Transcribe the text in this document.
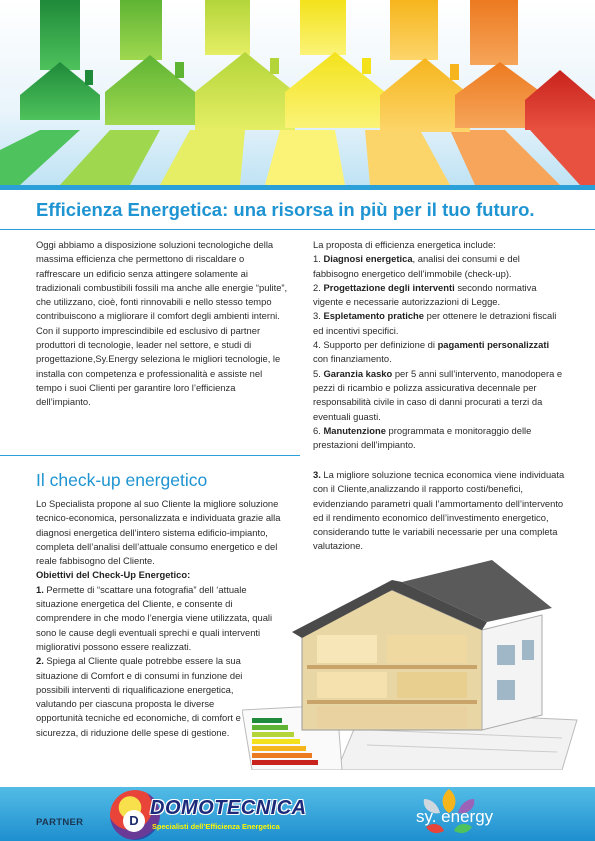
Efficienza Energetica: una risorsa in più per il tuo futuro.

Oggi abbiamo a disposizione soluzioni tecnologiche della massima efficienza che permettono di riscaldare o raffrescare un edificio senza attingere solamente ai tradizionali combustibili fossili ma anche alle energie “pulite”, che utilizzano, cioè, fonti rinnovabili e nello stesso tempo contribuiscono a migliorare il comfort degli ambienti interni.

Con il supporto imprescindibile ed esclusivo di partner produttori di tecnologie, leader nel settore, e studi di progettazione,Sy.Energy seleziona le migliori tecnologie, le installa con competenza e professionalità e assiste nel tempo i suoi Clienti per garantire loro l’efficienza dell’impianto.

La proposta di efficienza energetica include:

1. Diagnosi energetica, analisi dei consumi e del fabbisogno energetico dell’immobile (check-up).

2. Progettazione degli interventi secondo normativa vigente e necessarie autorizzazioni di Legge.

3. Espletamento pratiche per ottenere le detrazioni fiscali ed incentivi specifici.

4. Supporto per definizione di pagamenti personalizzati con finanziamento.

5. Garanzia kasko per 5 anni sull’intervento, manodopera e pezzi di ricambio e polizza assicurativa decennale per responsabilità civile in caso di danni procurati a terzi da eventuali guasti.

6. Manutenzione programmata e monitoraggio delle prestazioni dell’impianto.

Il check-up energetico

Lo Specialista propone al suo Cliente la migliore soluzione tecnico-economica, personalizzata e individuata grazie alla diagnosi energetica dell’intero sistema edificio-impianto, completa dell’analisi dell’attuale consumo energetico e del reale fabbisogno del Cliente.

Obiettivi del Check-Up Energetico:

1. Permette di “scattare una fotografia” dell ‘attuale situazione energetica del Cliente, e consente di comprendere in che modo l’energia viene utilizzata, quali sono le cause degli eventuali sprechi e quali interventi migliorativi possono essere realizzati.

2. Spiega al Cliente quale potrebbe essere la sua situazione di Comfort e di consumi in funzione dei possibili interventi di riqualificazione energetica, valutando per ciascuna proposta le diverse opportunità tecniche ed economiche, di comfort e sicurezza, di riduzione delle spese di gestione.

3. La migliore soluzione tecnica economica viene individuata con il Cliente,analizzando il rapporto costi/benefici, evidenziando parametri quali l’ammortamento dell’intervento ed il rendimento economico dell’investimento energetico, considerando tutte le variabili necessarie per una completa valutazione.

PARTNER	D
DOMOTECNICA
Specialisti dell’Efficienza Energetica
sy. energy
